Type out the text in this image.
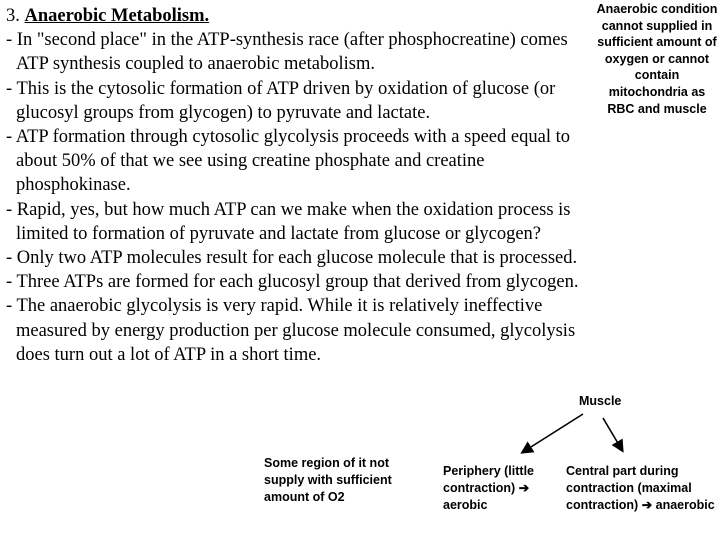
3. Anaerobic Metabolism.

- In "second place" in the ATP-synthesis race (after phosphocreatine) comes ATP synthesis coupled to anaerobic metabolism.

- This is the cytosolic formation of ATP driven by oxidation of glucose (or glucosyl groups from glycogen) to pyruvate and lactate.

- ATP formation through cytosolic glycolysis proceeds with a speed equal to about 50% of that we see using creatine phosphate and creatine phosphokinase.

- Rapid, yes, but how much ATP can we make when the oxidation process is limited to formation of pyruvate and lactate from glucose or glycogen?

- Only two ATP molecules result for each glucose molecule that is processed.

- Three ATPs are formed for each glucosyl group that derived from glycogen.

- The anaerobic glycolysis is very rapid. While it is relatively ineffective measured by energy production per glucose molecule consumed, glycolysis does turn out a lot of ATP in a short time.

Anaerobic condition cannot supplied in sufficient amount of oxygen or cannot contain mitochondria as RBC and muscle
Muscle
Some region of it not supply with sufficient amount of O2
Periphery (little contraction) ➔ aerobic
Central part during contraction (maximal contraction) ➔ anaerobic
